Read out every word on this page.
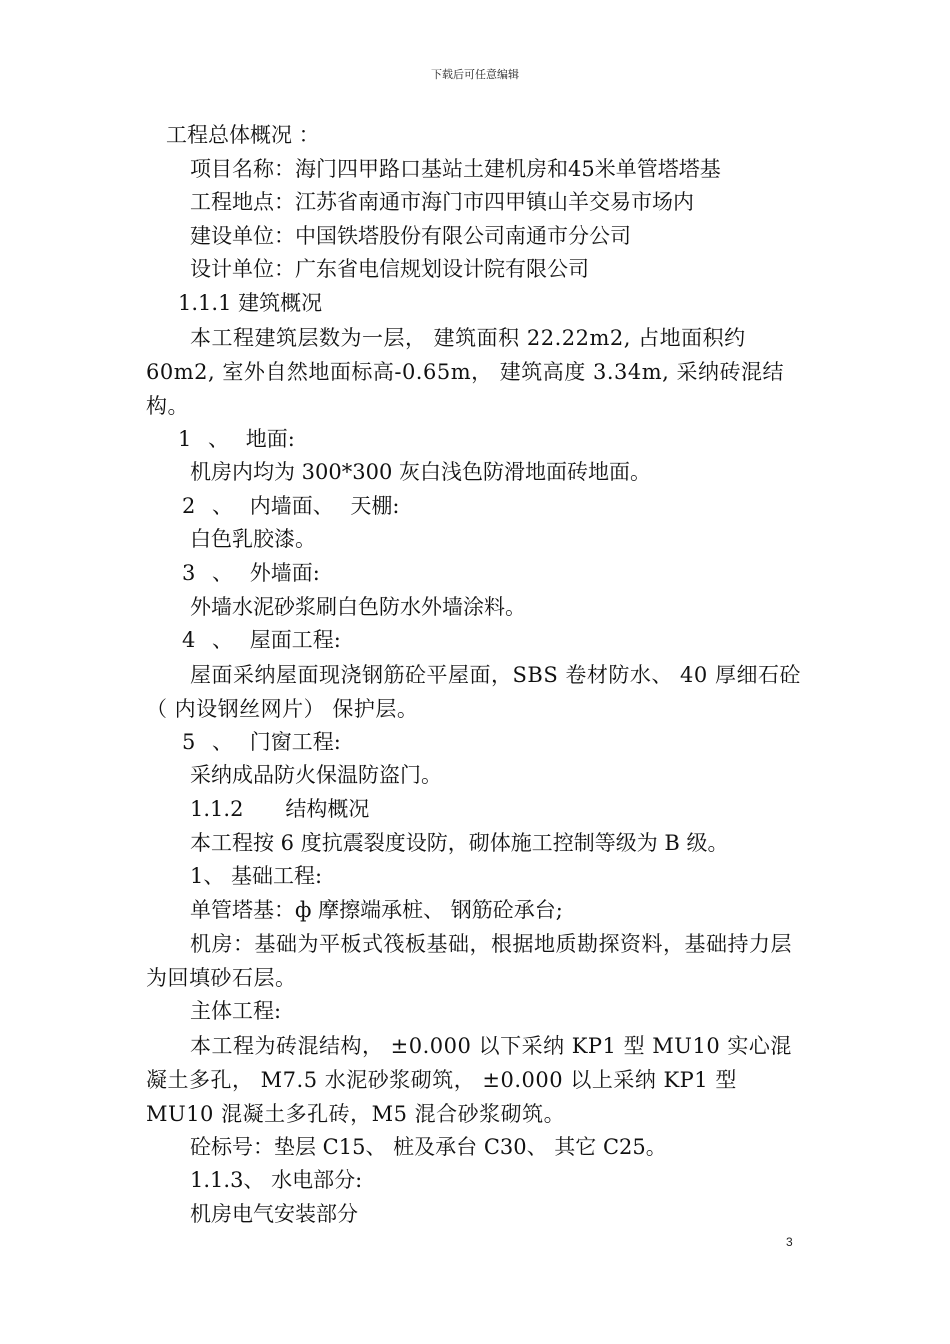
下载后可任意编辑
工程总体概况 ：
项目名称：海门四甲路口基站土建机房和45米单管塔塔基
工程地点：江苏省南通市海门市四甲镇山羊交易市场内
建设单位：中国铁塔股份有限公司南通市分公司
设计单位：广东省电信规划设计院有限公司
1.1.1 建筑概况
本工程建筑层数为一层， 建筑面积 22.22m2, 占地面积约 60m2, 室外自然地面标高-0.65m， 建筑高度 3.34m, 采纳砖混结构。
1 、 地面:
机房内均为 300*300 灰白浅色防滑地面砖地面。
2 、 内墙面、 天棚:
白色乳胶漆。
3 、 外墙面:
外墙水泥砂浆刷白色防水外墙涂料。
4 、 屋面工程:
屋面采纳屋面现浇钢筋砼平屋面，SBS 卷材防水、 40 厚细石砼（ 内设钢丝网片） 保护层。
5 、 门窗工程:
采纳成品防火保温防盗门。
1.1.2　　结构概况
本工程按 6 度抗震裂度设防，砌体施工控制等级为 B 级。
1、 基础工程:
单管塔基：ф 摩擦端承桩、 钢筋砼承台;
机房：基础为平板式筏板基础，根据地质勘探资料，基础持力层为回填砂石层。
主体工程:
本工程为砖混结构， ±0.000 以下采纳 KP1 型 MU10 实心混凝土多孔， M7.5 水泥砂浆砌筑， ±0.000 以上采纳 KP1 型 MU10 混凝土多孔砖，M5 混合砂浆砌筑。
砼标号：垫层 C15、 桩及承台 C30、 其它 C25。
1.1.3、 水电部分:
机房电气安装部分
3
